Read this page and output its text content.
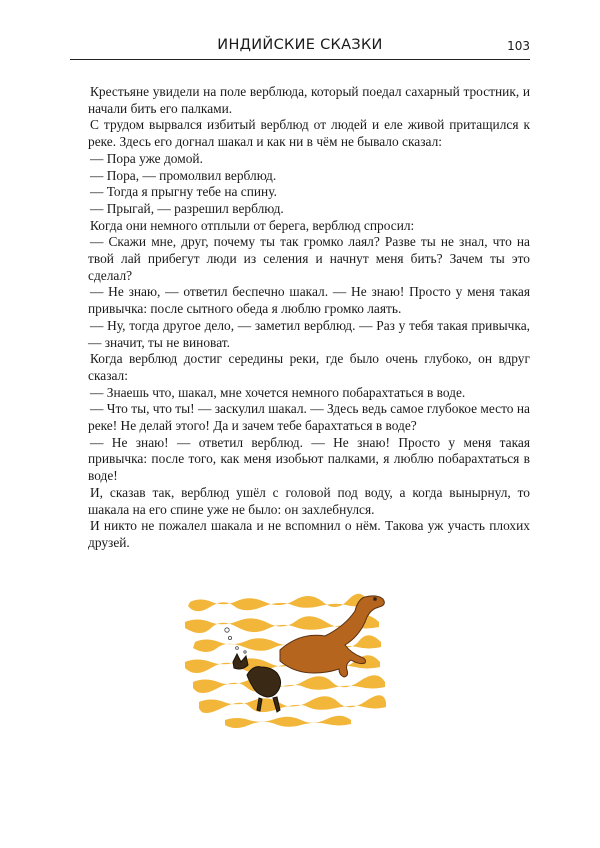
ИНДИЙСКИЕ СКАЗКИ	103

Крестьяне увидели на поле верблюда, который поедал сахарный тростник, и начали бить его палками.

С трудом вырвался избитый верблюд от людей и еле живой притащился к реке. Здесь его догнал шакал и как ни в чём не бывало сказал:

— Пора уже домой.

— Пора, — промолвил верблюд.

— Тогда я прыгну тебе на спину.

— Прыгай, — разрешил верблюд.

Когда они немного отплыли от берега, верблюд спросил:

— Скажи мне, друг, почему ты так громко лаял? Разве ты не знал, что на твой лай прибегут люди из селения и начнут меня бить? Зачем ты это сделал?

— Не знаю, — ответил беспечно шакал. — Не знаю! Просто у меня такая привычка: после сытного обеда я люблю громко лаять.

— Ну, тогда другое дело, — заметил верблюд. — Раз у тебя такая привычка, — значит, ты не виноват.

Когда верблюд достиг середины реки, где было очень глубоко, он вдруг сказал:

— Знаешь что, шакал, мне хочется немного побарахтаться в воде.

— Что ты, что ты! — заскулил шакал. — Здесь ведь самое глубокое место на реке! Не делай этого! Да и зачем тебе барахтаться в воде?

— Не знаю! — ответил верблюд. — Не знаю! Просто у меня такая привычка: после того, как меня изобьют палками, я люблю побарахтаться в воде!

И, сказав так, верблюд ушёл с головой под воду, а когда вынырнул, то шакала на его спине уже не было: он захлебнулся.

И никто не пожалел шакала и не вспомнил о нём. Такова уж участь плохих друзей.
